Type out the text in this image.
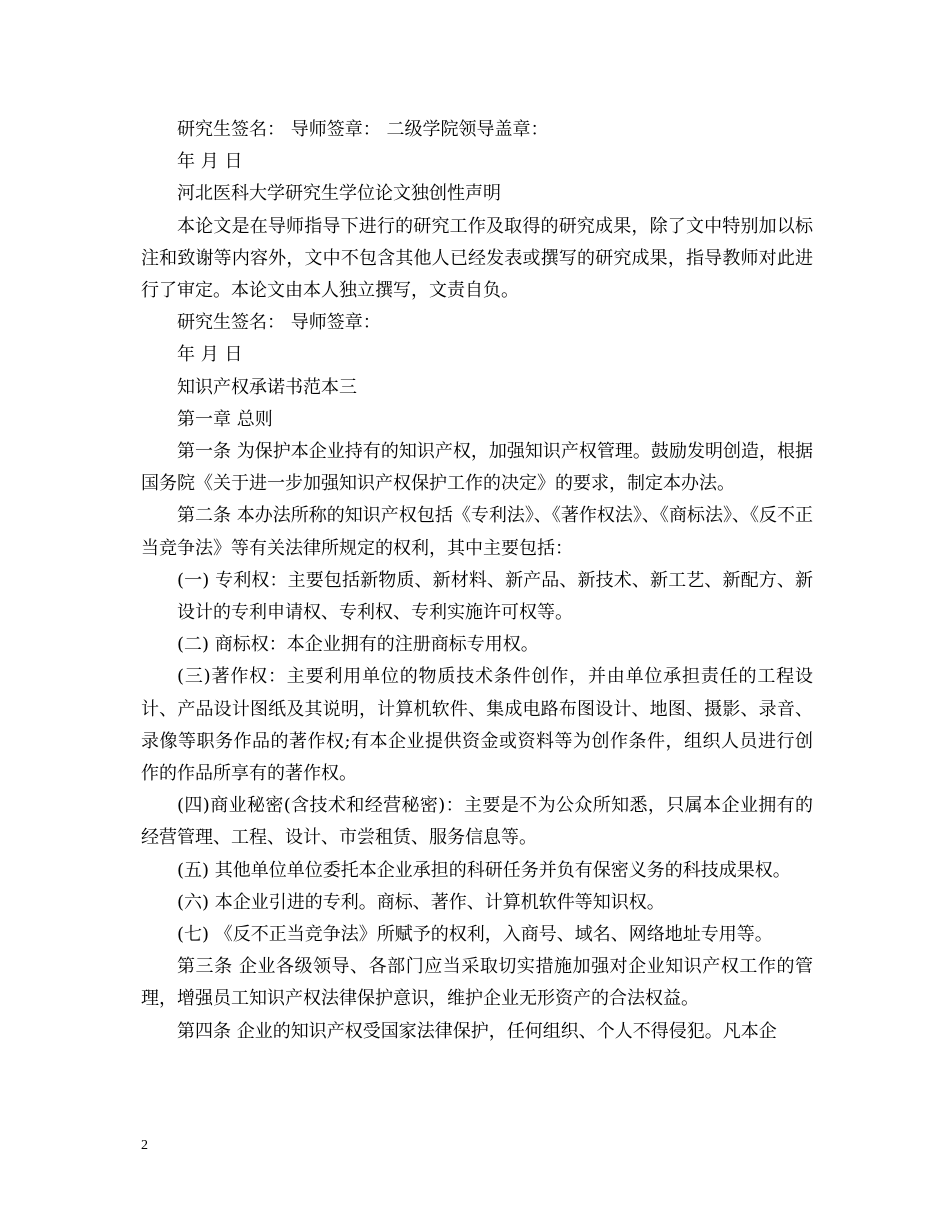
研究生签名： 导师签章： 二级学院领导盖章：

年 月 日

河北医科大学研究生学位论文独创性声明

本论文是在导师指导下进行的研究工作及取得的研究成果，除了文中特别加以标注和致谢等内容外，文中不包含其他人已经发表或撰写的研究成果，指导教师对此进行了审定。本论文由本人独立撰写，文责自负。

研究生签名： 导师签章：

年 月 日

知识产权承诺书范本三

第一章 总则

第一条 为保护本企业持有的知识产权，加强知识产权管理。鼓励发明创造，根据国务院《关于进一步加强知识产权保护工作的决定》的要求，制定本办法。

第二条 本办法所称的知识产权包括《专利法》、《著作权法》、《商标法》、《反不正当竞争法》等有关法律所规定的权利，其中主要包括：

(一) 专利权：主要包括新物质、新材料、新产品、新技术、新工艺、新配方、新设计的专利申请权、专利权、专利实施许可权等。

(二) 商标权：本企业拥有的注册商标专用权。

(三)著作权：主要利用单位的物质技术条件创作，并由单位承担责任的工程设计、产品设计图纸及其说明，计算机软件、集成电路布图设计、地图、摄影、录音、录像等职务作品的著作权;有本企业提供资金或资料等为创作条件，组织人员进行创作的作品所享有的著作权。

(四)商业秘密(含技术和经营秘密)：主要是不为公众所知悉，只属本企业拥有的经营管理、工程、设计、市尝租赁、服务信息等。

(五) 其他单位单位委托本企业承担的科研任务并负有保密义务的科技成果权。

(六) 本企业引进的专利。商标、著作、计算机软件等知识权。

(七) 《反不正当竞争法》所赋予的权利，入商号、域名、网络地址专用等。

第三条 企业各级领导、各部门应当采取切实措施加强对企业知识产权工作的管理，增强员工知识产权法律保护意识，维护企业无形资产的合法权益。

第四条 企业的知识产权受国家法律保护，任何组织、个人不得侵犯。凡本企

2
